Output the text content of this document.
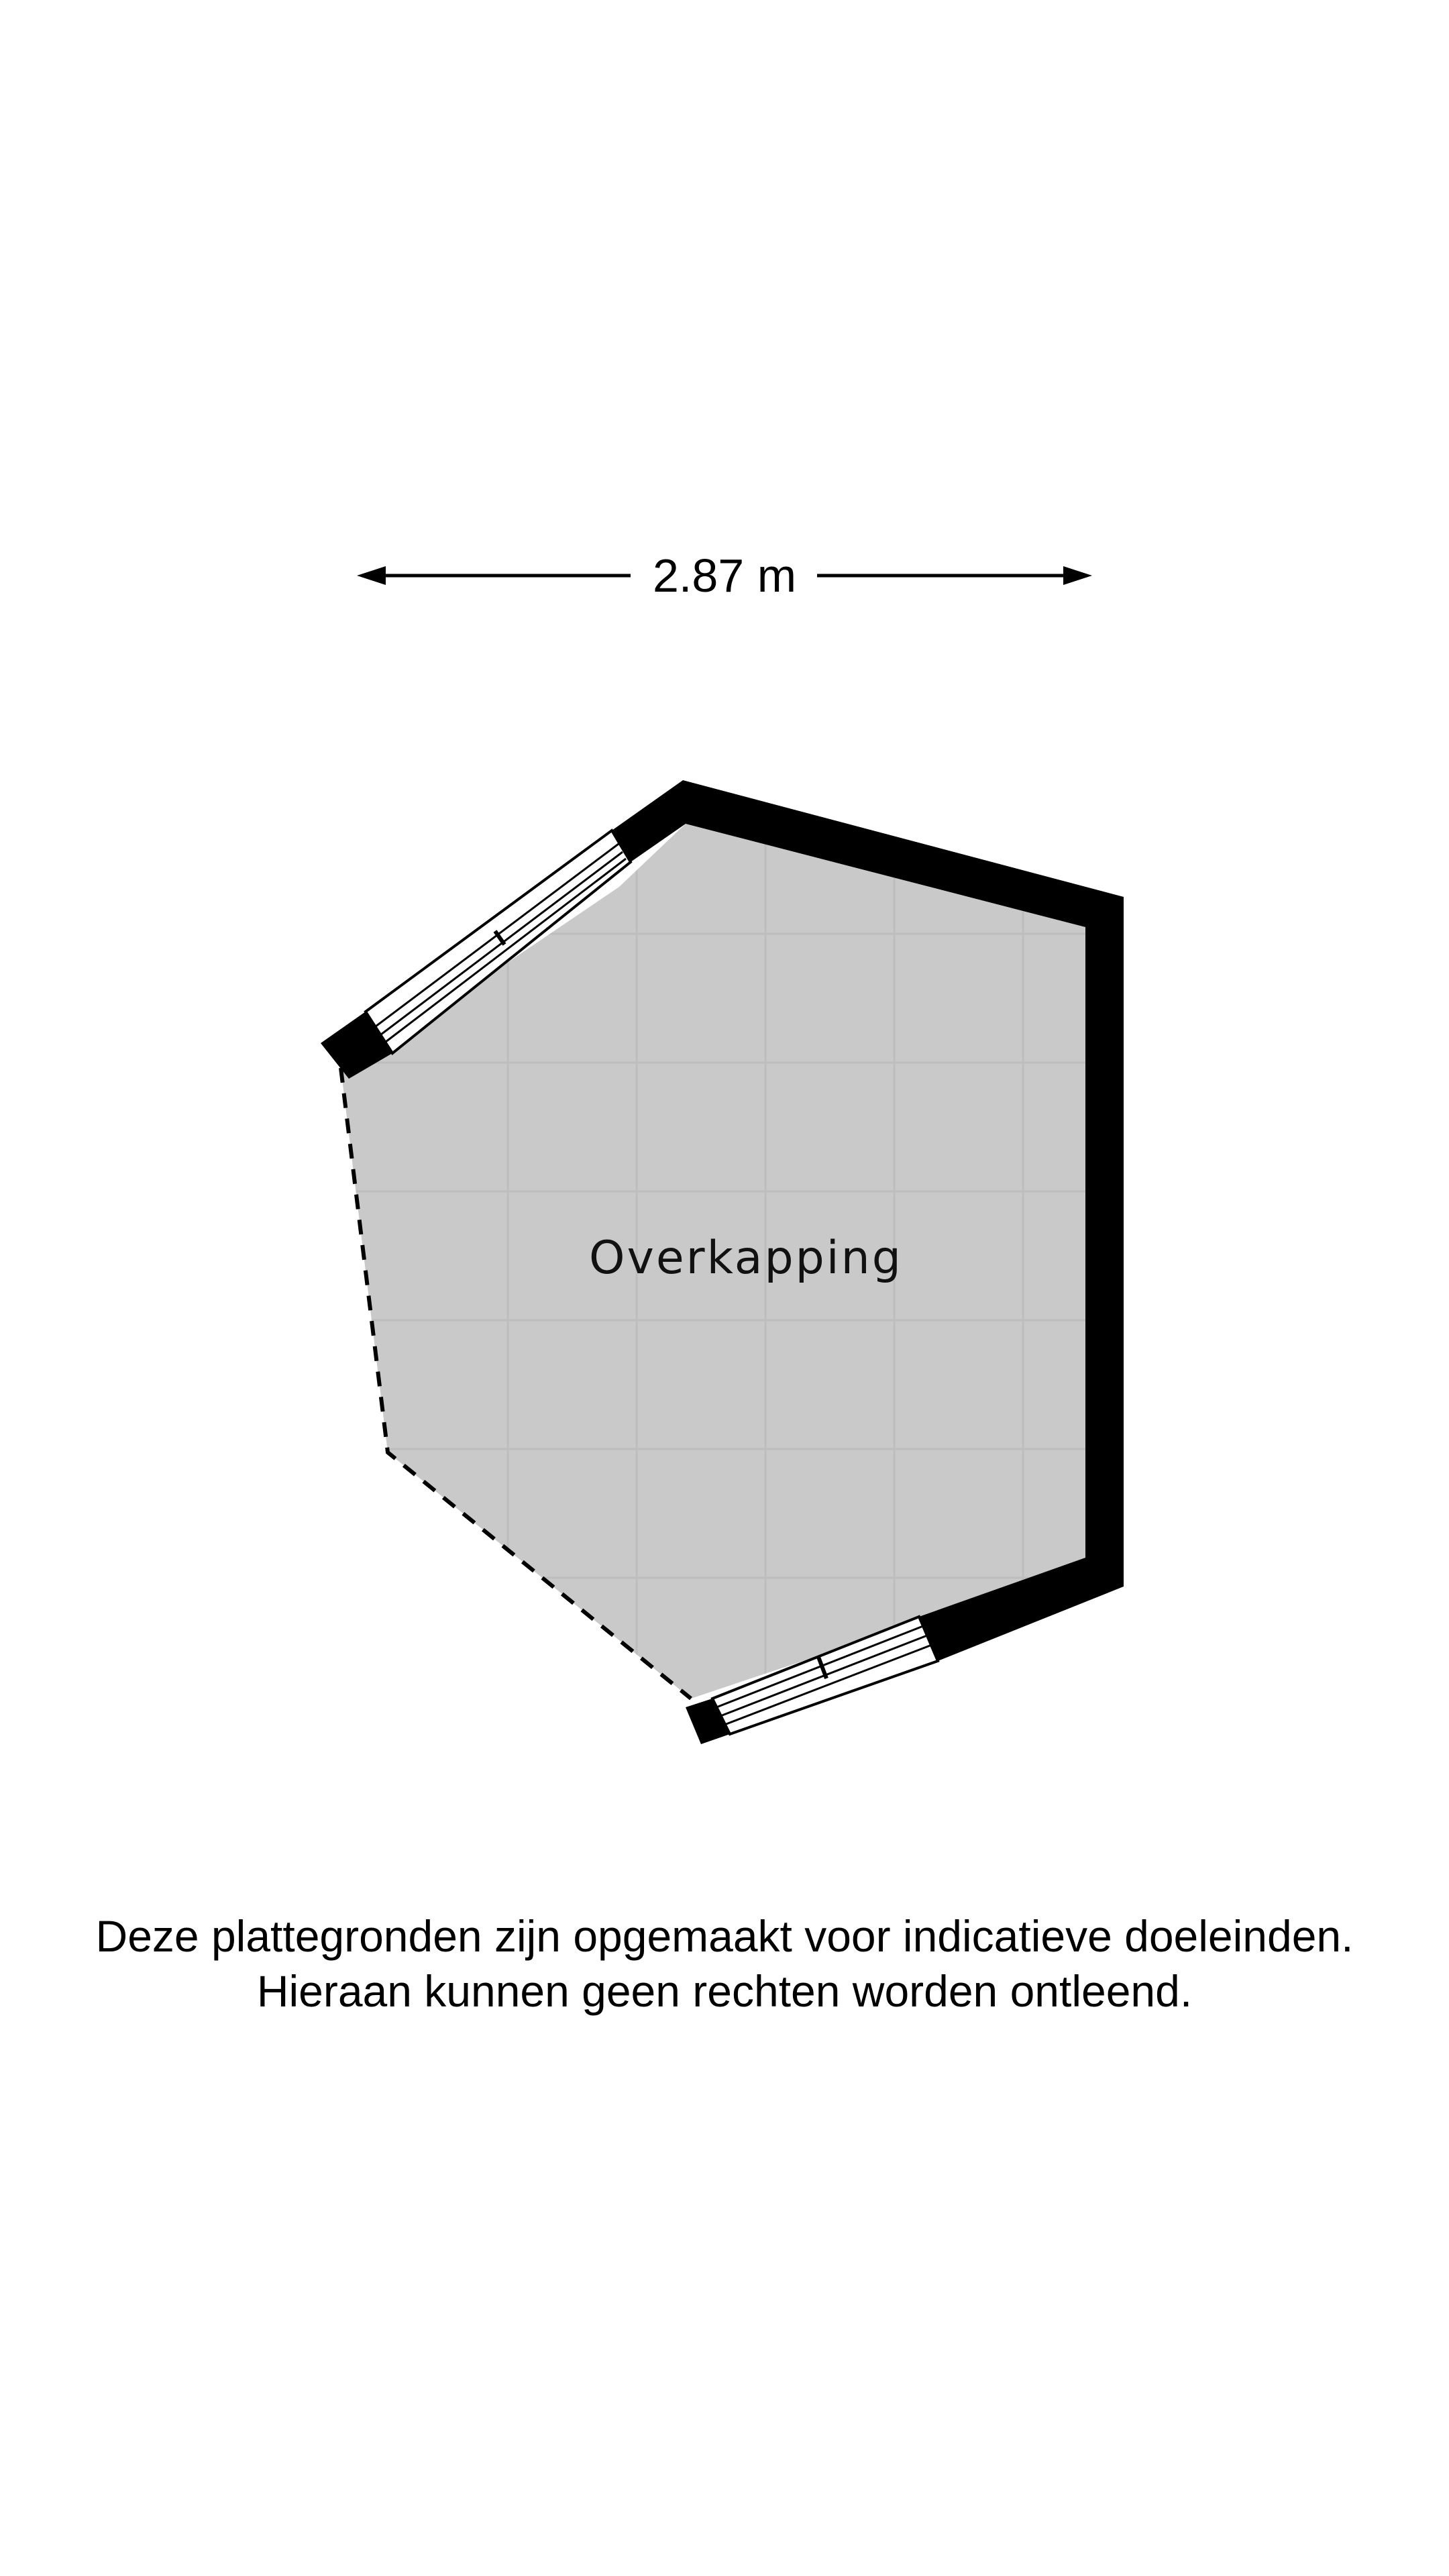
2.87 m
Overkapping
Deze plattegronden zijn opgemaakt voor indicatieve doeleinden.
Hieraan kunnen geen rechten worden ontleend.
